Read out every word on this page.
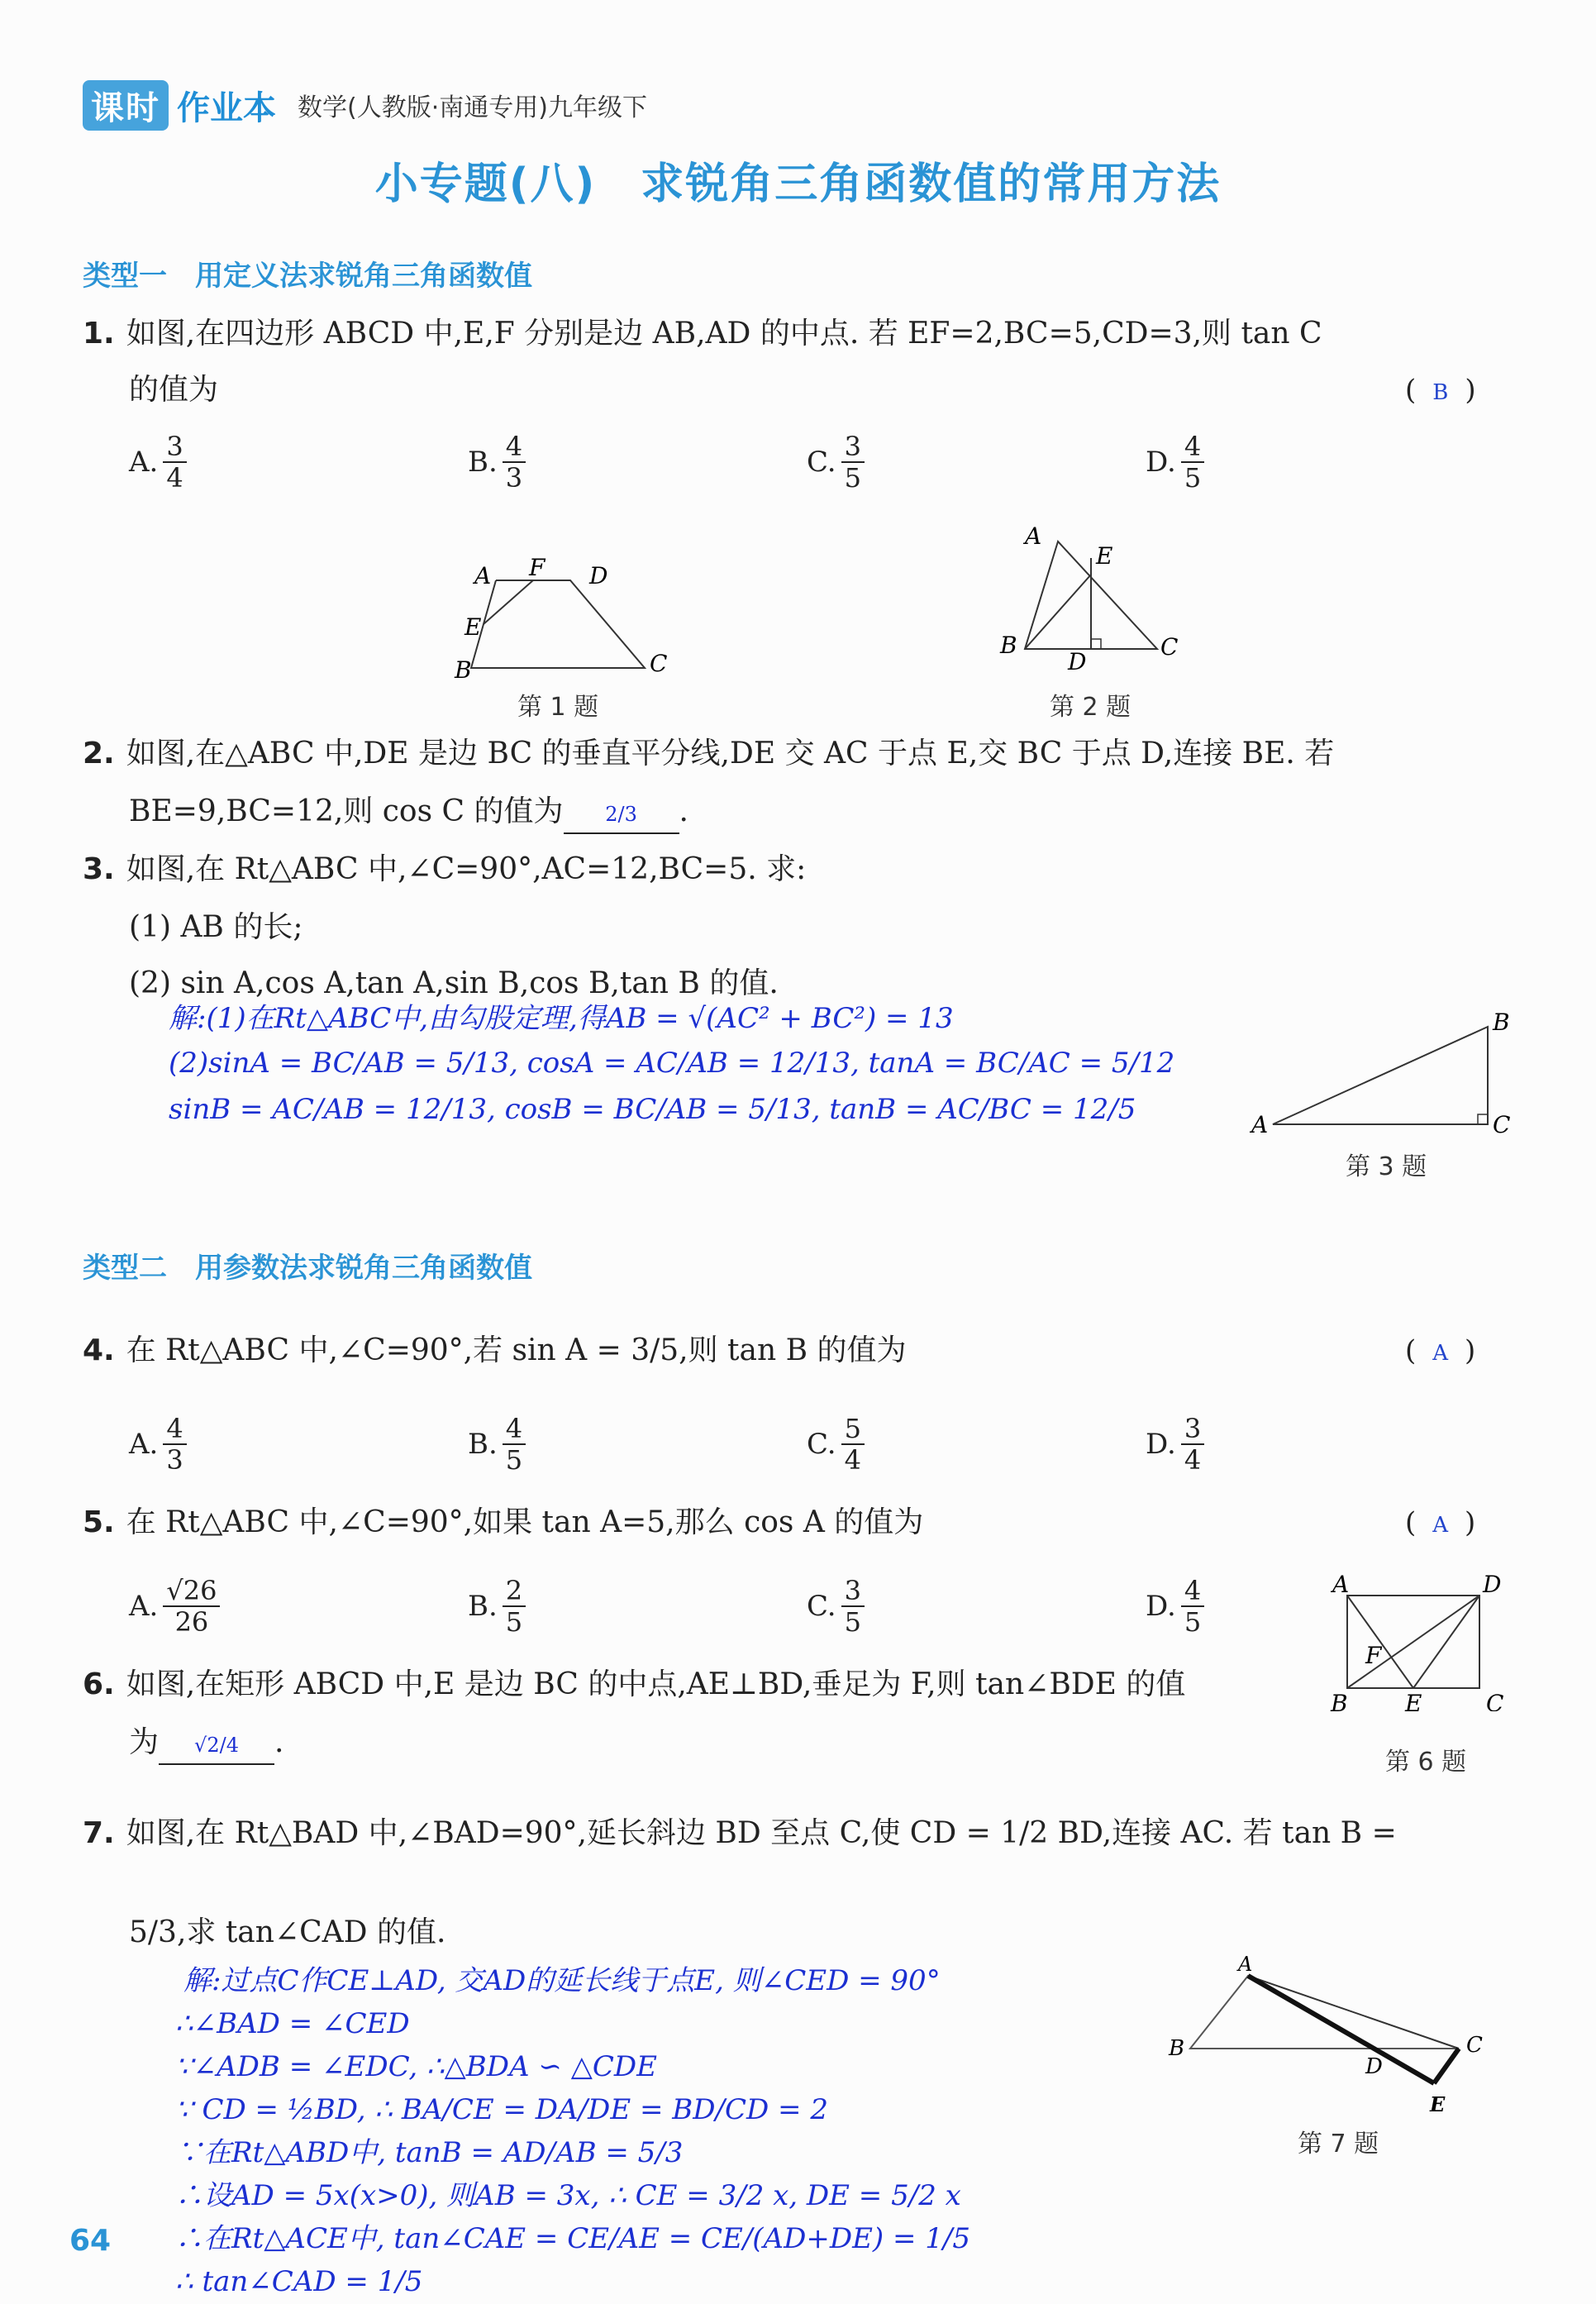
课时 作业本 数学(人教版·南通专用)九年级下
小专题(八)　求锐角三角函数值的常用方法
类型一　用定义法求锐角三角函数值
1. 如图,在四边形 ABCD 中,E,F 分别是边 AB,AD 的中点. 若 EF=2,BC=5,CD=3,则 tan C
的值为	( B )
A. $\frac{3}{4}$	B. $\frac{4}{3}$	C. $\frac{3}{5}$	D. $\frac{4}{5}$
A F D
E
B	C
第 1 题
A
E
B
D
C
第 2 题
2. 如图,在△ABC 中,DE 是边 BC 的垂直平分线,DE 交 AC 于点 E,交 BC 于点 D,连接 BE. 若
BE=9,BC=12,则 cos C 的值为 2/3 .
3. 如图,在 Rt△ABC 中,∠C=90°,AC=12,BC=5. 求:
(1) AB 的长;
(2) sin A,cos A,tan A,sin B,cos B,tan B 的值.
解:(1)在Rt△ABC中,由勾股定理,得AB = √(AC² + BC²) = 13
(2)sinA = BC/AB = 5/13, cosA = AC/AB = 12/13, tanA = BC/AC = 5/12
sinB = AC/AB = 12/13, cosB = BC/AB = 5/13, tanB = AC/BC = 12/5	A
B
C
第 3 题
类型二　用参数法求锐角三角函数值
4. 在 Rt△ABC 中,∠C=90°,若 sin A = 3/5,则 tan B 的值为	( A )
A. $\frac{4}{3}$	B. $\frac{4}{5}$	C. $\frac{5}{4}$	D. $\frac{3}{4}$
5. 在 Rt△ABC 中,∠C=90°,如果 tan A=5,那么 cos A 的值为	( A )
A. $\frac{√26}{26}$	B. $\frac{2}{5}$	C. $\frac{3}{5}$	D. $\frac{4}{5}$	A	D
F
B E	C
第 6 题
6. 如图,在矩形 ABCD 中,E 是边 BC 的中点,AE⊥BD,垂足为 F,则 tan∠BDE 的值
为 √2/4 .
7. 如图,在 Rt△BAD 中,∠BAD=90°,延长斜边 BD 至点 C,使 CD = 1/2 BD,连接 AC. 若 tan B =
5/3,求 tan∠CAD 的值.
解:过点C作CE⊥AD, 交AD的延长线于点E, 则∠CED = 90°
∴∠BAD = ∠CED
∵∠ADB = ∠EDC, ∴△BDA ∽ △CDE
∵ CD = ½BD, ∴ BA/CE = DA/DE = BD/CD = 2
∵在Rt△ABD中, tanB = AD/AB = 5/3
∴设AD = 5x(x>0), 则AB = 3x, ∴ CE = 3/2 x, DE = 5/2 x
∴在Rt△ACE中, tan∠CAE = CE/AE = CE/(AD+DE) = 1/5
∴ tan∠CAD = 1/5
A
B
D
C
E
第 7 题
64
